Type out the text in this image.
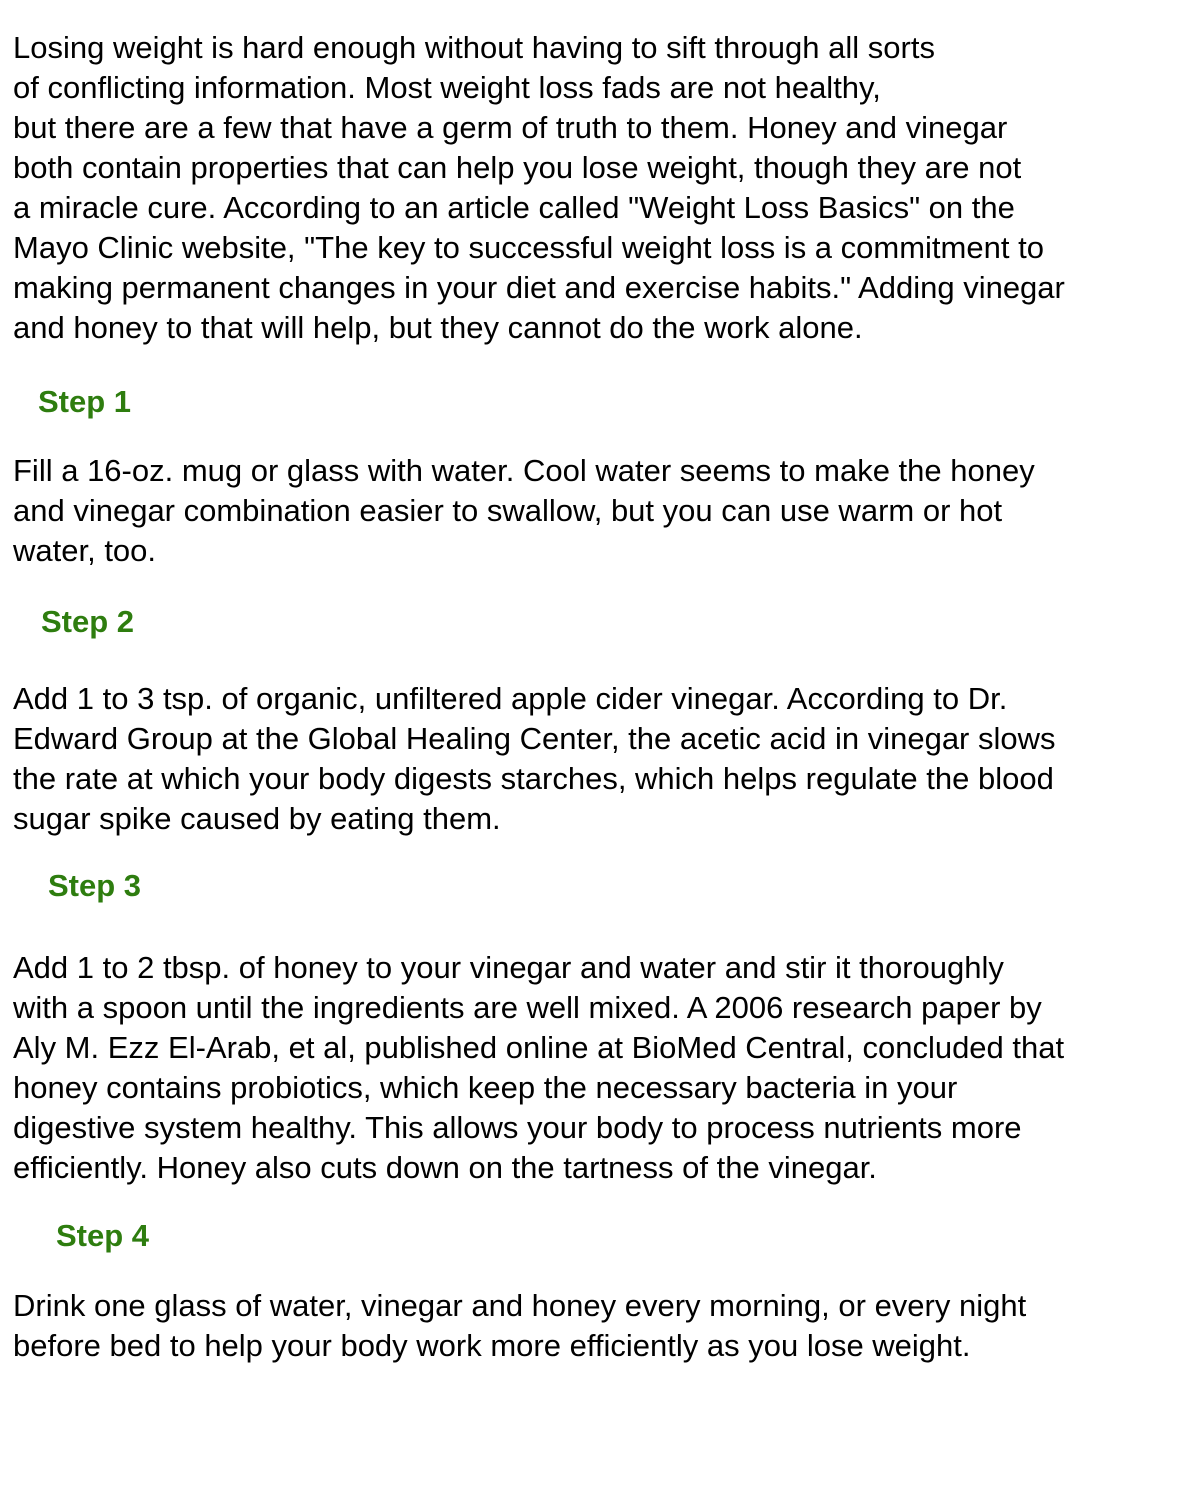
Losing weight is hard enough without having to sift through all sorts
of conflicting information. Most weight loss fads are not healthy,
but there are a few that have a germ of truth to them. Honey and vinegar
both contain properties that can help you lose weight, though they are not
a miracle cure. According to an article called "Weight Loss Basics" on the
Mayo Clinic website, "The key to successful weight loss is a commitment to
making permanent changes in your diet and exercise habits." Adding vinegar
and honey to that will help, but they cannot do the work alone.
Step 1
Fill a 16-oz. mug or glass with water. Cool water seems to make the honey
and vinegar combination easier to swallow, but you can use warm or hot
water, too.
Step 2
Add 1 to 3 tsp. of organic, unfiltered apple cider vinegar. According to Dr.
Edward Group at the Global Healing Center, the acetic acid in vinegar slows
the rate at which your body digests starches, which helps regulate the blood
sugar spike caused by eating them.
Step 3
Add 1 to 2 tbsp. of honey to your vinegar and water and stir it thoroughly
with a spoon until the ingredients are well mixed. A 2006 research paper by
Aly M. Ezz El-Arab, et al, published online at BioMed Central, concluded that
honey contains probiotics, which keep the necessary bacteria in your
digestive system healthy. This allows your body to process nutrients more
efficiently. Honey also cuts down on the tartness of the vinegar.
Step 4
Drink one glass of water, vinegar and honey every morning, or every night
before bed to help your body work more efficiently as you lose weight.
